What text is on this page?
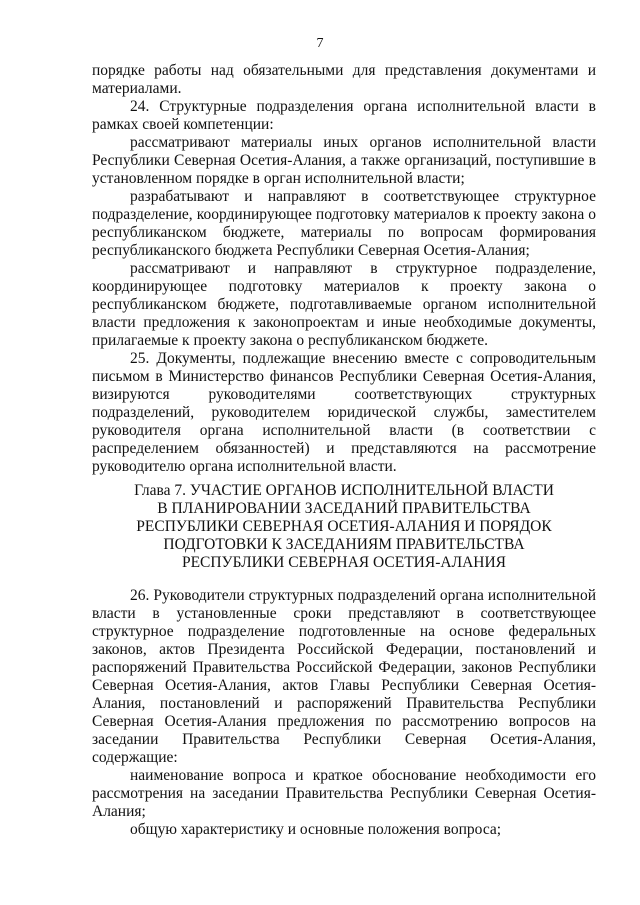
7

порядке работы над обязательными для представления документами и материалами.

24. Структурные подразделения органа исполнительной власти в рамках своей компетенции:

рассматривают материалы иных органов исполнительной власти Республики Северная Осетия-Алания, а также организаций, поступившие в установленном порядке в орган исполнительной власти;

разрабатывают и направляют в соответствующее структурное подразделение, координирующее подготовку материалов к проекту закона о республиканском бюджете, материалы по вопросам формирования республиканского бюджета Республики Северная Осетия-Алания;

рассматривают и направляют в структурное подразделение, координирующее подготовку материалов к проекту закона о республиканском бюджете, подготавливаемые органом исполнительной власти предложения к законопроектам и иные необходимые документы, прилагаемые к проекту закона о республиканском бюджете.

25. Документы, подлежащие внесению вместе с сопроводительным письмом в Министерство финансов Республики Северная Осетия-Алания, визируются руководителями соответствующих структурных подразделений, руководителем юридической службы, заместителем руководителя органа исполнительной власти (в соответствии с распределением обязанностей) и представляются на рассмотрение руководителю органа исполнительной власти.

Глава 7. УЧАСТИЕ ОРГАНОВ ИСПОЛНИТЕЛЬНОЙ ВЛАСТИ
В ПЛАНИРОВАНИИ ЗАСЕДАНИЙ ПРАВИТЕЛЬСТВА
РЕСПУБЛИКИ СЕВЕРНАЯ ОСЕТИЯ-АЛАНИЯ И ПОРЯДОК
ПОДГОТОВКИ К ЗАСЕДАНИЯМ ПРАВИТЕЛЬСТВА
РЕСПУБЛИКИ СЕВЕРНАЯ ОСЕТИЯ-АЛАНИЯ

26. Руководители структурных подразделений органа исполнительной власти в установленные сроки представляют в соответствующее структурное подразделение подготовленные на основе федеральных законов, актов Президента Российской Федерации, постановлений и распоряжений Правительства Российской Федерации, законов Республики Северная Осетия-Алания, актов Главы Республики Северная Осетия-Алания, постановлений и распоряжений Правительства Республики Северная Осетия-Алания предложения по рассмотрению вопросов на заседании Правительства Республики Северная Осетия-Алания, содержащие:

наименование вопроса и краткое обоснование необходимости его рассмотрения на заседании Правительства Республики Северная Осетия-Алания;

общую характеристику и основные положения вопроса;
